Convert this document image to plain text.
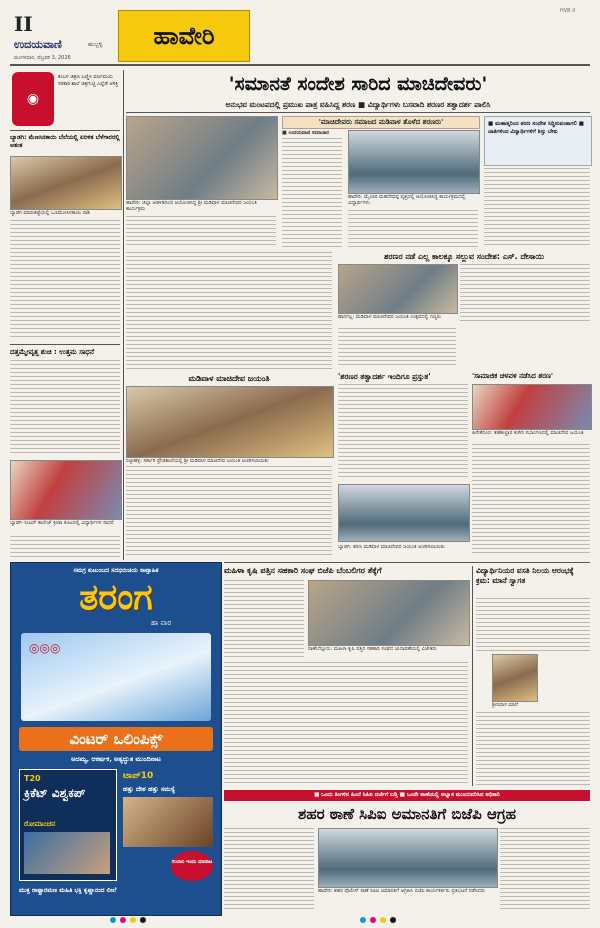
II
ಉದಯವಾಣಿ	ಹುಬ್ಬಳ್ಳಿ
ಮಂಗಳವಾರ, ಫೆಬ್ರವರಿ 3, 2026
ಹಾವೇರಿ
HVR II
◉
ಕಂಬಳ ಚಿತ್ರಣ ಬಣ್ಣಿಸಿ ವರ್ಣಮಯ ಸರಕಾರಿ ಶಾಲೆ ಚಿತ್ರಗುಚ್ಚ ಎಲ್ಲೆಡೆ ಆಸಕ್ತಿ
ಬ್ಯಾಡಗಿ: ಮೆಣಸಿನಕಾಯಿ ಬೆಲೆಯಲ್ಲಿ ಏರಿಳಿತ ಬೆಳೆಗಾರರಲ್ಲಿ ಆತಂಕ
ಬ್ಯಾಡಗಿ ಮಾರುಕಟ್ಟೆಯಲ್ಲಿ ಒಣಮೆಣಸಿನಕಾಯಿ ರಾಶಿ
ದತ್ತಮ್ಮೇವೃತ್ತ ಶುಚಿ : ಉತ್ತಮ ಸಾಧನೆ
ಬ್ಯಾಡಗಿ ಇಂಟರ್ ಕಾಲೇಜ್ ಕ್ರೀಡಾ ಕೂಟದಲ್ಲಿ ವಿದ್ಯಾರ್ಥಿಗಳ ಸಾಧನೆ
'ಸಮಾನತೆ ಸಂದೇಶ ಸಾರಿದ ಮಾಚಿದೇವರು'
ಅನುಭವ ಮಂಟಪದಲ್ಲಿ ಪ್ರಮುಖ ಪಾತ್ರ ವಹಿಸಿದ್ದ ಶರಣ ■ ವಿದ್ಯಾರ್ಥಿಗಳು ಬಸವಾದಿ ಶರಣರ ತತ್ವಾದರ್ಶ ಪಾಲಿಸಿ
ಹಾವೇರಿ: ಜಿಲ್ಲಾ ಆಡಳಿತದಿಂದ ಆಯೋಜಿಸಿದ್ದ ಶ್ರೀ ಮಡಿವಾಳ ಮಾಚಿದೇವರ ಜಯಂತಿ ಕಾರ್ಯಕ್ರಮ
'ಮಾಚಿದೇವರು ಸಮಾಜದ ಮಡಿವಾಳ ತೊಳೆದ ಶರಣರು'
■ ಉದಯವಾಣಿ ಸಮಾಚಾರ
ಹಾವೇರಿ: ಮೈಲಾರ ಮಹದೇವಪ್ಪ ವೃತ್ತದಲ್ಲಿ ಆಯೋಜಿಸಿದ್ದ ಕಾರ್ಯಕ್ರಮದಲ್ಲಿ ವಿದ್ಯಾರ್ಥಿಗಳು
■ ಮಹಾತ್ಮರಿಂದ ಶರಣ ಸಂದೇಶ ಸಿದ್ಧಿಸುವಂತಾಗಲಿ ■ ಜಾತಿಗಳಿಂದ ವಿದ್ಯಾರ್ಥಿಗಳಿಗೆ ಶಿಸ್ತು ಬೇಕು
ಶರಣರ ನಡೆ ಎಲ್ಲ ಕಾಲಕ್ಕೂ ಸಲ್ಲುವ ಸಂದೇಶ: ಎಸ್. ದೇಸಾಯಿ
ಹಾನಗಲ್ಲ: ಮಡಿವಾಳ ಮಾಚಿದೇವರ ಜಯಂತಿ ಉತ್ಸವದಲ್ಲಿ ಗಣ್ಯರು
'ಶರಣರ ತತ್ವಾದರ್ಶ ಇಂದಿಗೂ ಪ್ರಸ್ತುತ'	'ಸಾಮಾಜಿಕ ಚಳವಳಿ ನಡೆಸಿದ ಶರಣ'
ಹಿರೇಕೆರೂರ: ತಹಶೀಲ್ದಾರ ಕಚೇರಿ ಸಭಾಂಗಣದಲ್ಲಿ ಮಾಚಿದೇವ ಜಯಂತಿ
ಮಡಿವಾಳ ಮಾಚಿದೇವ ಜಯಂತಿ
ರಟ್ಟೀಹಳ್ಳಿ: ಸರ್ಕಾರಿ ಪ್ರೌಢಶಾಲೆಯಲ್ಲಿ ಶ್ರೀ ಮಡಿವಾಳ ಮಾಚಿದೇವ ಜಯಂತಿ ಆಚರಿಸಲಾಯಿತು
ಬ್ಯಾಡಗಿ: ಶರಣ ಮಡಿವಾಳ ಮಾಚಿದೇವರ ಜಯಂತಿ ಆಚರಿಸಲಾಯಿತು
ಸಮಗ್ರ ಕುಟುಂಬದ ಸದಭಿರುಚಿಯ ಸಾಪ್ತಾಹಿಕ
ತರಂಗ
ಹಾ ವಾರ
◎◎◎
ವಿಂಟರ್ ಒಲಿಂಪಿಕ್ಸ್
ಅದಮ್ಯ, ಆಕರ್ಷಕ, ಅತ್ಯದ್ಭುತ ಮುಂದಿನಾಟ
T20
ಕ್ರಿಕೆಟ್ ವಿಶ್ವಕಪ್
ರೋಮಾಂಚನ
ಟಾಪ್10
ಹತ್ತು ದೇಶ ಹತ್ತು ಸಮಸ್ಯೆ
ಗುಲಾಬಿ ಇಂದು ಮಾರಾಟ
ಮುಕ್ತ ರಾಷ್ಟ್ರಾರಮಣ ಮಹಿತಿ ಭಕ್ತಿ ಕೃಷ್ಣಾನಂದ ಲೀಲೆ
ಮಹಿಳಾ ಕೃಷಿ ಪತ್ತಿನ ಸಹಕಾರಿ ಸಂಘ ಬಿಜೆಪಿ ಬೆಂಬಲಿಗರ ತೆಕ್ಕೆಗೆ
ರಾಣೆಬೆನ್ನೂರು: ಮಹಿಳಾ ಕೃಷಿ ಪತ್ತಿನ ಸಹಕಾರಿ ಸಂಘದ ಚುನಾವಣೆಯಲ್ಲಿ ವಿಜೇತರು
ವಿದ್ಯಾರ್ಥಿನಿಯರ ವಸತಿ ನಿಲಯ ಆರಂಭಕ್ಕೆ ಕ್ರಮ: ಮಾನೆ ಸ್ವಾಗತ
ಶ್ರೀನಿವಾಸ ಮಾನೆ
■ ಒಂದು ತಿಂಗಳಿನ ಹಿಂದೆ ಸಿಪಿಐ ದರ್ಜೆಗೆ ಬಡ್ತಿ ■ ಒಂದೇ ಠಾಣೆಯಲ್ಲಿ ಅಭ್ಯಾಸ ಮುಂದುವರಿಸಿದ ಅಧಿಕಾರಿ
ಶಹರ ಠಾಣೆ ಸಿಪಿಐ ಅಮಾನತಿಗೆ ಬಿಜೆಪಿ ಆಗ್ರಹ
ಹಾವೇರಿ: ಶಹರ ಪೊಲೀಸ್ ಠಾಣೆ ಸಿಪಿಐ ಅಮಾನತಿಗೆ ಆಗ್ರಹಿಸಿ ಬಿಜೆಪಿ ಕಾರ್ಯಕರ್ತರು ಪ್ರತಿಭಟನೆ ನಡೆಸಿದರು
